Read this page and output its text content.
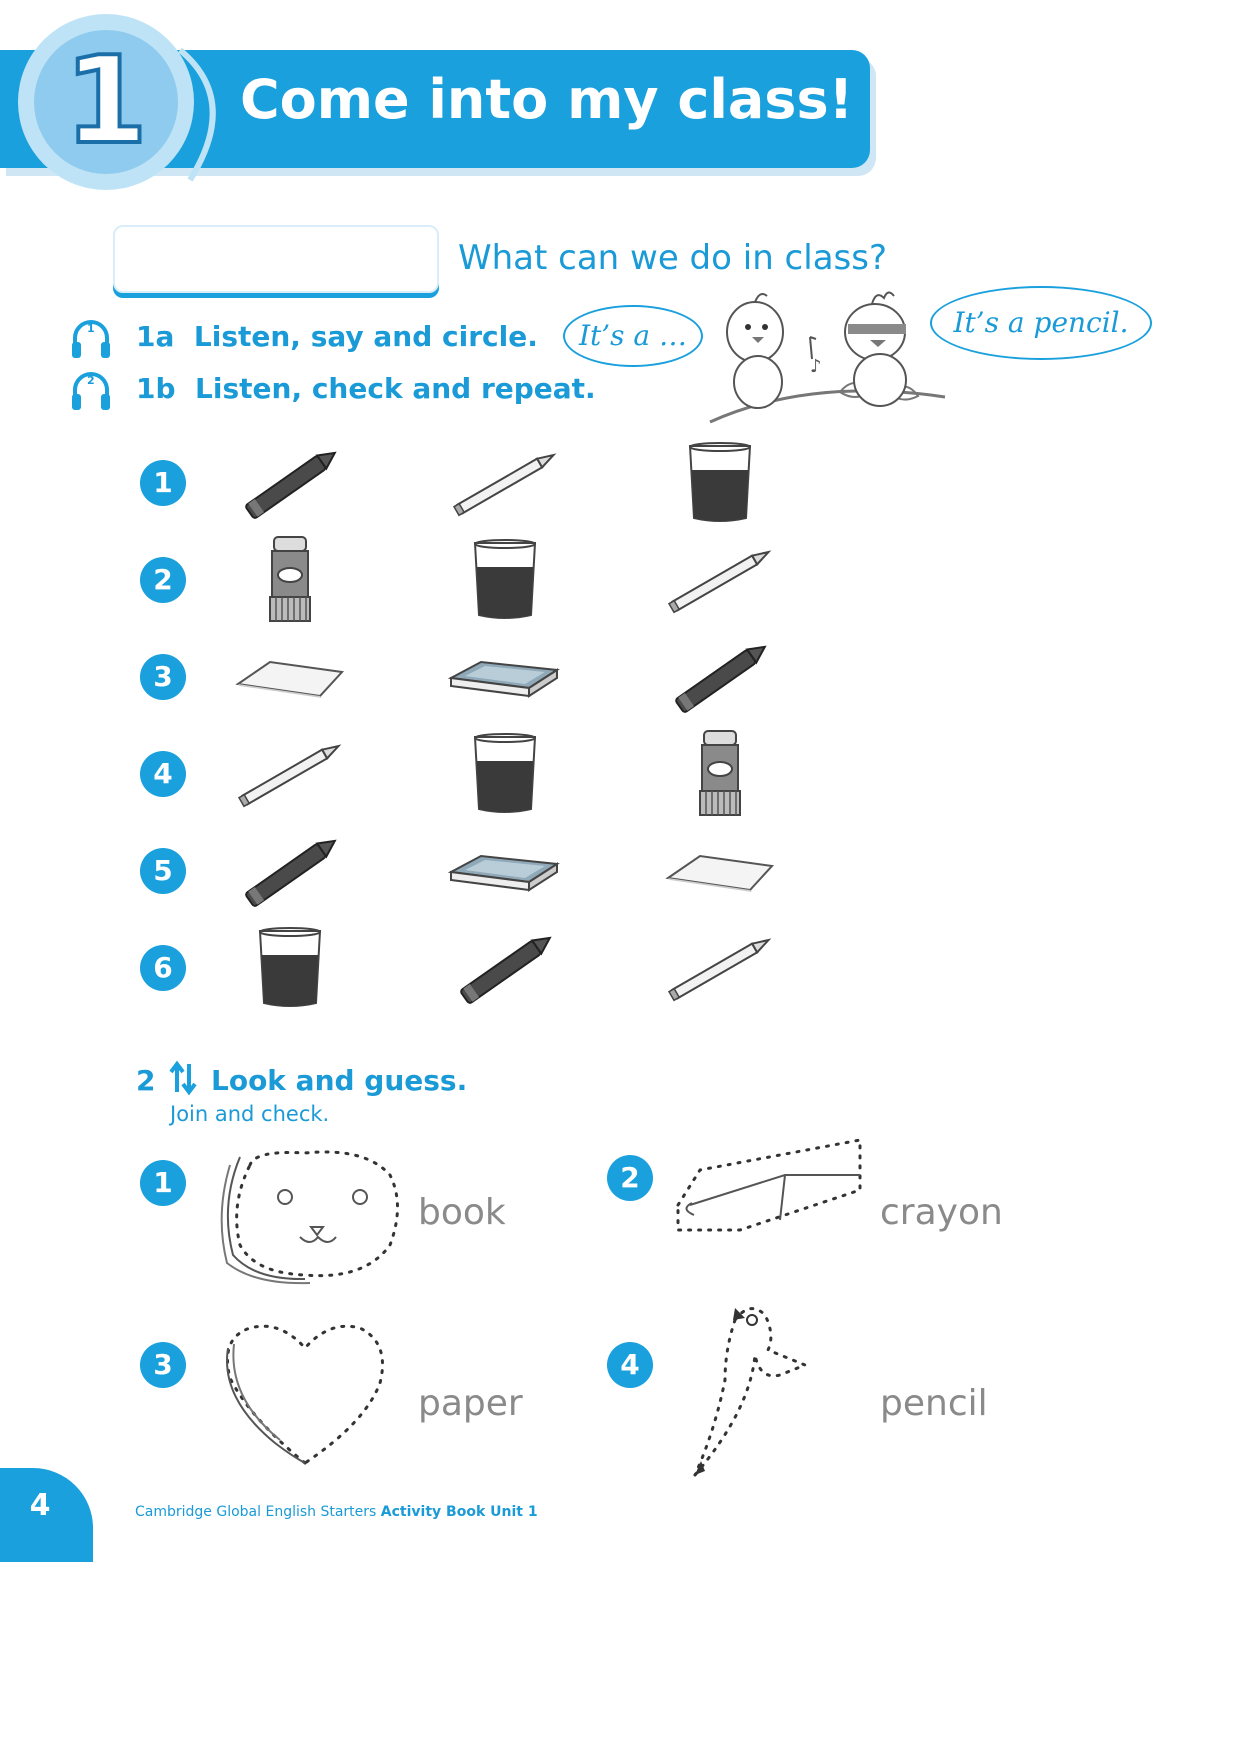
1	Come into my class!
What can we do in class?
1 1a Listen, say and circle.
2 1b Listen, check and repeat.
It’s a …	It’s a pencil.
♪
1
2
3
4
5
6
2 Look and guess.
Join and check.
1
book
2
crayon
3
paper
4
pencil
4	Cambridge Global English Starters Activity Book Unit 1
